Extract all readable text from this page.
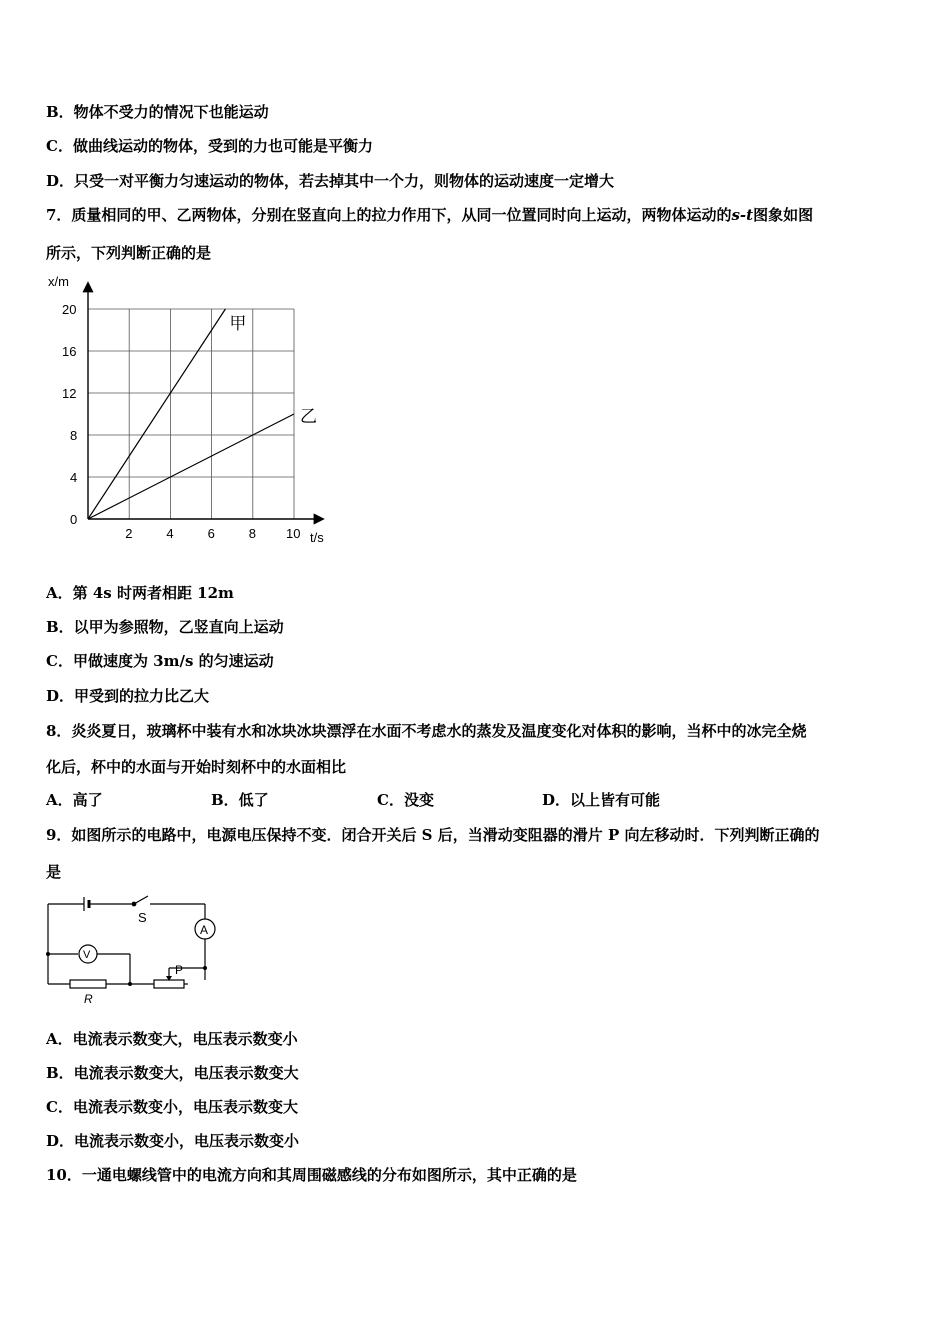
B．物体不受力的情况下也能运动
C．做曲线运动的物体，受到的力也可能是平衡力
D．只受一对平衡力匀速运动的物体，若去掉其中一个力，则物体的运动速度一定增大
7．质量相同的甲、乙两物体，分别在竖直向上的拉力作用下，从同一位置同时向上运动，两物体运动的s-t图象如图
所示，下列判断正确的是
2	4	6	8 10
0
4
8
12
16
20
x/m
t/s
甲
乙
A．第 4s 时两者相距 12m
B．以甲为参照物，乙竖直向上运动
C．甲做速度为 3m/s 的匀速运动
D．甲受到的拉力比乙大
8．炎炎夏日，玻璃杯中装有水和冰块冰块漂浮在水面不考虑水的蒸发及温度变化对体积的影响，当杯中的冰完全烧
化后，杯中的水面与开始时刻杯中的水面相比
A．高了	B．低了	C．没变	D．以上皆有可能
9．如图所示的电路中，电源电压保持不变．闭合开关后 S 后，当滑动变阻器的滑片 P 向左移动时．下列判断正确的
是
S
A
V
P
R
A．电流表示数变大，电压表示数变小
B．电流表示数变大，电压表示数变大
C．电流表示数变小，电压表示数变大
D．电流表示数变小，电压表示数变小
10．一通电螺线管中的电流方向和其周围磁感线的分布如图所示，其中正确的是
